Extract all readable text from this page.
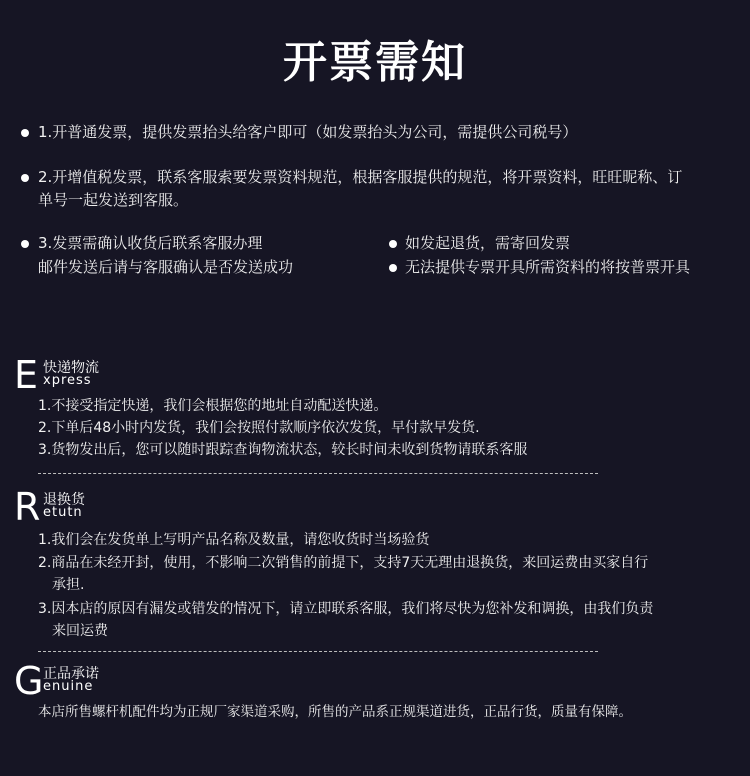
开票需知
1.开普通发票，提供发票抬头给客户即可（如发票抬头为公司，需提供公司税号）
2.开增值税发票，联系客服索要发票资料规范，根据客服提供的规范，将开票资料，旺旺昵称、订
单号一起发送到客服。
3.发票需确认收货后联系客服办理
邮件发送后请与客服确认是否发送成功
如发起退货，需寄回发票
无法提供专票开具所需资料的将按普票开具
E 快递物流
xpress
1.不接受指定快递，我们会根据您的地址自动配送快递。
2.下单后48小时内发货，我们会按照付款顺序依次发货，早付款早发货.
3.货物发出后，您可以随时跟踪查询物流状态，较长时间未收到货物请联系客服
R 退换货
etutn
1.我们会在发货单上写明产品名称及数量，请您收货时当场验货
2.商品在未经开封，使用，不影响二次销售的前提下，支持7天无理由退换货，来回运费由买家自行
承担.
3.因本店的原因有漏发或错发的情况下，请立即联系客服，我们将尽快为您补发和调换，由我们负责
来回运费
G 正品承诺
enuine
本店所售螺杆机配件均为正规厂家渠道采购，所售的产品系正规渠道进货，正品行货，质量有保障。
